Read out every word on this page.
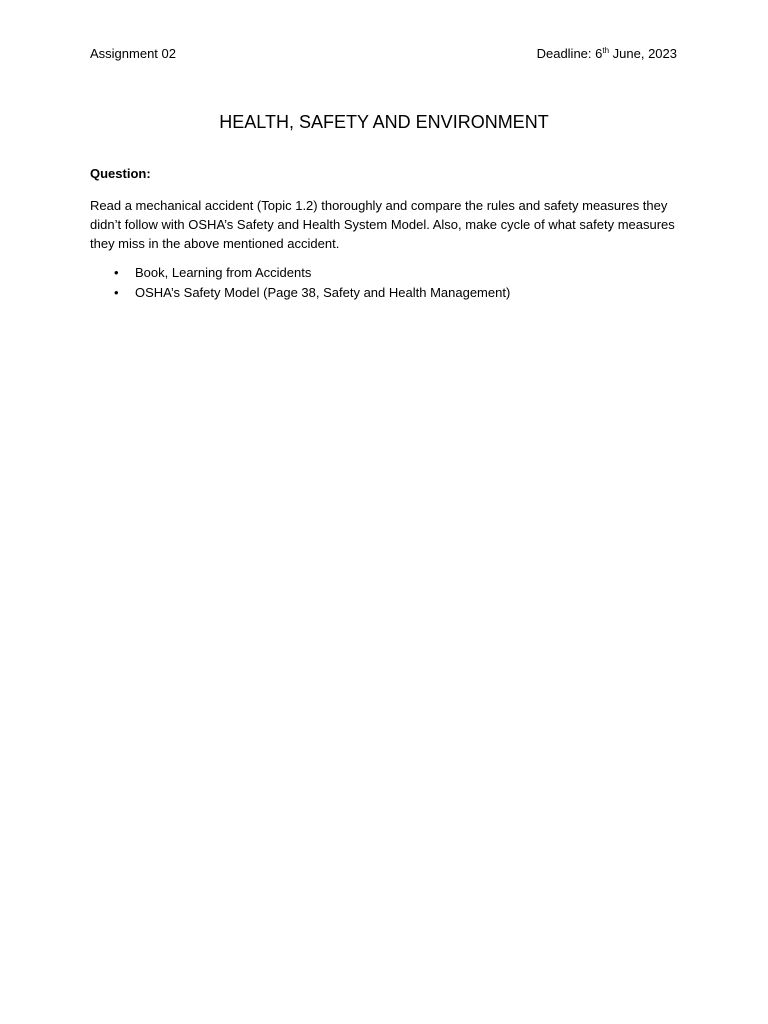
Assignment 02	Deadline: 6th June, 2023
HEALTH, SAFETY AND ENVIRONMENT
Question:
Read a mechanical accident (Topic 1.2) thoroughly and compare the rules and safety measures they
didn’t follow with OSHA’s Safety and Health System Model. Also, make cycle of what safety measures
they miss in the above mentioned accident.
• Book, Learning from Accidents
• OSHA’s Safety Model (Page 38, Safety and Health Management)
